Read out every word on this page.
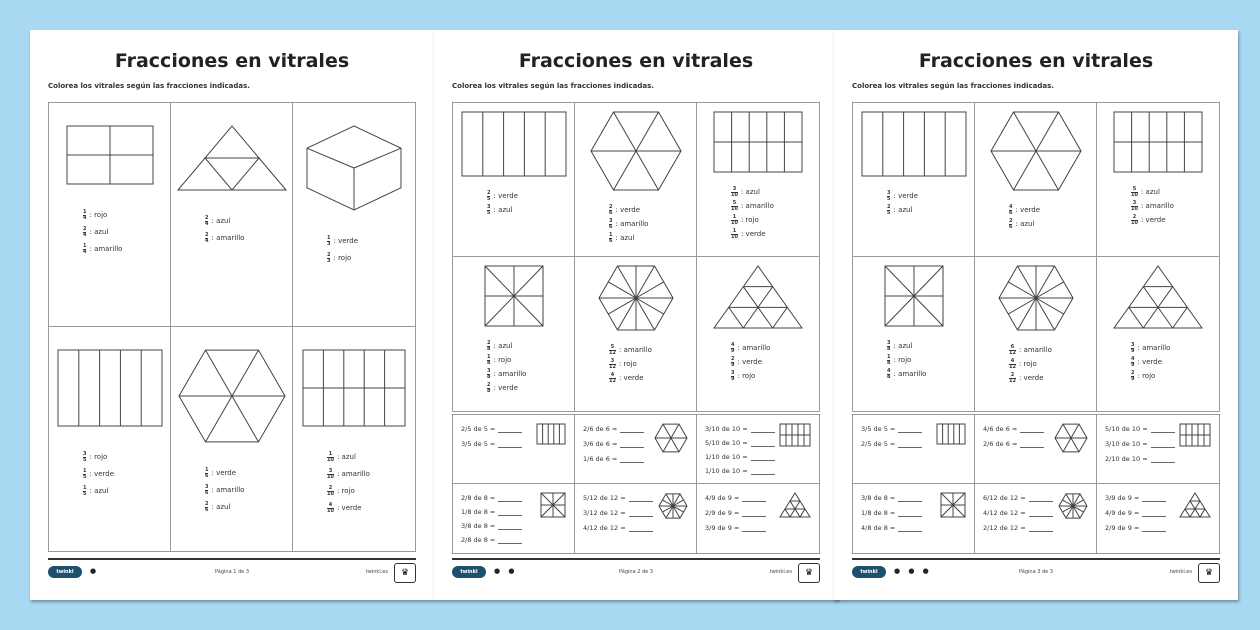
Fracciones en vitrales
Colorea los vitrales según las fracciones indicadas.
$\frac{1}{4}$ : rojo
$\frac{2}{4}$ : azul
$\frac{1}{4}$ : amarillo
$\frac{2}{4}$ : azul
$\frac{2}{4}$ : amarillo	$\frac{1}{3}$ : verde
$\frac{2}{3}$ : rojo
$\frac{3}{5}$ : rojo
$\frac{1}{5}$ : verde
$\frac{1}{5}$ : azul
$\frac{1}{6}$ : verde
$\frac{3}{6}$ : amarillo
$\frac{2}{6}$ : azul
$\frac{1}{10}$ : azul
$\frac{3}{10}$ : amarillo
$\frac{2}{10}$ : rojo
$\frac{4}{10}$ : verde
twinkl	●	Página 1 de 3	twinkl.es	♛
Fracciones en vitrales
Colorea los vitrales según las fracciones indicadas.
$\frac{2}{5}$ : verde
$\frac{3}{5}$ : azul	$\frac{2}{6}$ : verde
$\frac{3}{6}$ : amarillo
$\frac{1}{6}$ : azul
$\frac{3}{10}$ : azul
$\frac{5}{10}$ : amarillo
$\frac{1}{10}$ : rojo
$\frac{1}{10}$ : verde
$\frac{2}{8}$ : azul
$\frac{1}{8}$ : rojo
$\frac{3}{8}$ : amarillo
$\frac{2}{8}$ : verde
$\frac{5}{12}$ : amarillo
$\frac{3}{12}$ : rojo
$\frac{4}{12}$ : verde
$\frac{4}{9}$ : amarillo
$\frac{2}{9}$ : verde
$\frac{3}{9}$ : rojo
2/5 de 5 =
3/5 de 5 =
2/6 de 6 =
3/6 de 6 =
1/6 de 6 =
3/10 de 10 =
5/10 de 10 =
1/10 de 10 =
1/10 de 10 =
2/8 de 8 =
1/8 de 8 =
3/8 de 8 =
2/8 de 8 =
5/12 de 12 =
3/12 de 12 =
4/12 de 12 =
4/9 de 9 =
2/9 de 9 =
3/9 de 9 =
twinkl	● ●	Página 2 de 3	twinkl.es	♛
Fracciones en vitrales
Colorea los vitrales según las fracciones indicadas.
$\frac{3}{5}$ : verde
$\frac{2}{5}$ : azul	$\frac{4}{6}$ : verde
$\frac{2}{6}$ : azul
$\frac{5}{10}$ : azul
$\frac{3}{10}$ : amarillo
$\frac{2}{10}$ : verde
$\frac{3}{8}$ : azul
$\frac{1}{8}$ : rojo
$\frac{4}{8}$ : amarillo
$\frac{6}{12}$ : amarillo
$\frac{4}{12}$ : rojo
$\frac{2}{12}$ : verde
$\frac{3}{9}$ : amarillo
$\frac{4}{9}$ : verde
$\frac{2}{9}$ : rojo
3/5 de 5 =
2/5 de 5 =
4/6 de 6 =
2/6 de 6 =
5/10 de 10 =
3/10 de 10 =
2/10 de 10 =
3/8 de 8 =
1/8 de 8 =
4/8 de 8 =
6/12 de 12 =
4/12 de 12 =
2/12 de 12 =
3/9 de 9 =
4/9 de 9 =
2/9 de 9 =
twinkl	● ● ●	Página 3 de 3	twinkl.es	♛
